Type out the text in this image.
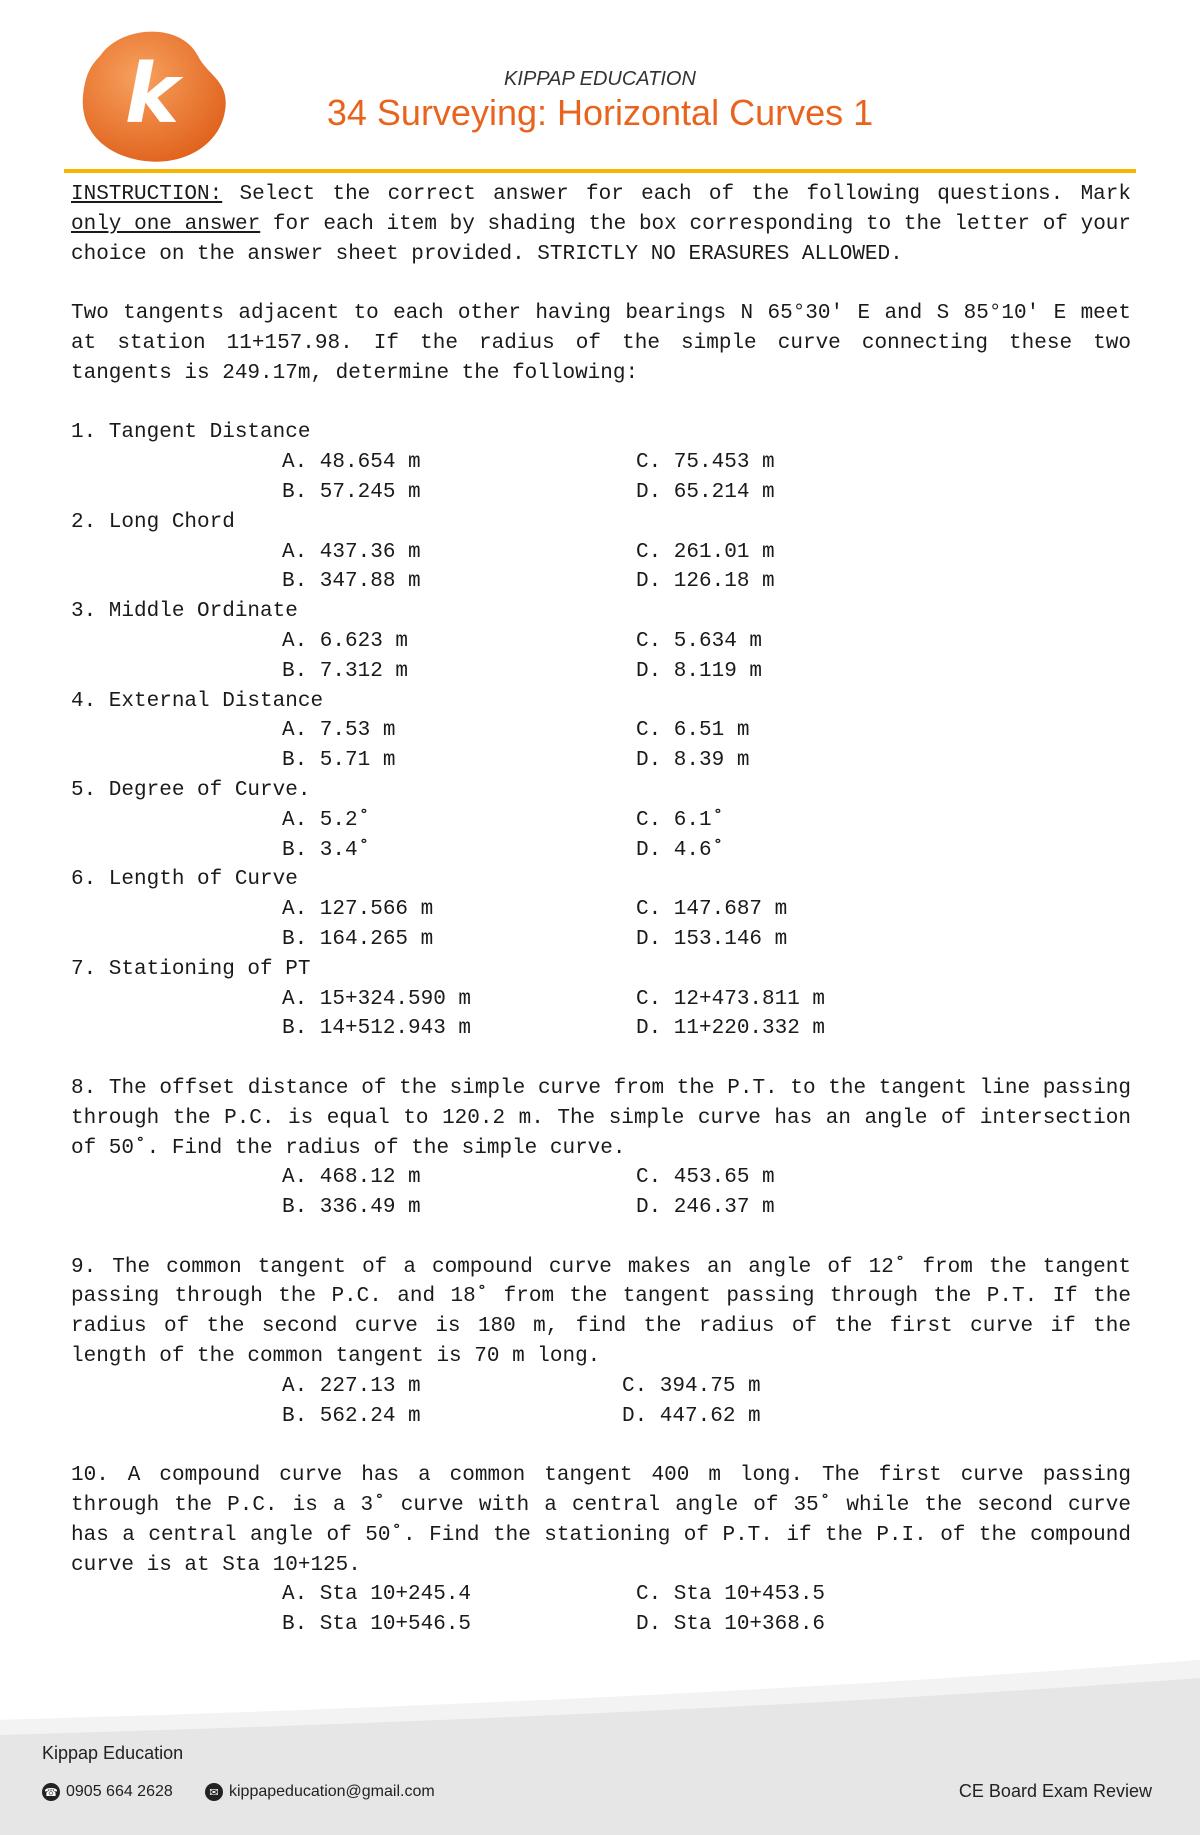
k	KIPPAP EDUCATION
34 Surveying: Horizontal Curves 1

INSTRUCTION: Select the correct answer for each of the following questions. Mark only one answer for each item by shading the box corresponding to the letter of your choice on the answer sheet provided. STRICTLY NO ERASURES ALLOWED.

Two tangents adjacent to each other having bearings N 65°30' E and S 85°10' E meet at station 11+157.98. If the radius of the simple curve connecting these two tangents is 249.17m, determine the following:

1. Tangent Distance
A. 48.654 m	C. 75.453 m
B. 57.245 m	D. 65.214 m
2. Long Chord
A. 437.36 m	C. 261.01 m
B. 347.88 m	D. 126.18 m
3. Middle Ordinate
A. 6.623 m	C. 5.634 m
B. 7.312 m	D. 8.119 m
4. External Distance
A. 7.53 m	C. 6.51 m
B. 5.71 m	D. 8.39 m
5. Degree of Curve.
A. 5.2˚	C. 6.1˚
B. 3.4˚	D. 4.6˚
6. Length of Curve
A. 127.566 m	C. 147.687 m
B. 164.265 m	D. 153.146 m
7. Stationing of PT
A. 15+324.590 m	C. 12+473.811 m
B. 14+512.943 m	D. 11+220.332 m

8. The offset distance of the simple curve from the P.T. to the tangent line passing through the P.C. is equal to 120.2 m. The simple curve has an angle of intersection of 50˚. Find the radius of the simple curve.

A. 468.12 m	C. 453.65 m
B. 336.49 m	D. 246.37 m

9. The common tangent of a compound curve makes an angle of 12˚ from the tangent passing through the P.C. and 18˚ from the tangent passing through the P.T. If the radius of the second curve is 180 m, find the radius of the first curve if the length of the common tangent is 70 m long.

A. 227.13 m	C. 394.75 m
B. 562.24 m	D. 447.62 m

10. A compound curve has a common tangent 400 m long. The first curve passing through the P.C. is a 3˚ curve with a central angle of 35˚ while the second curve has a central angle of 50˚. Find the stationing of P.T. if the P.I. of the compound curve is at Sta 10+125.

A. Sta 10+245.4	C. Sta 10+453.5
B. Sta 10+546.5	D. Sta 10+368.6
Kippap Education
☎ 0905 664 2628	✉ kippapeducation@gmail.com	CE Board Exam Review
